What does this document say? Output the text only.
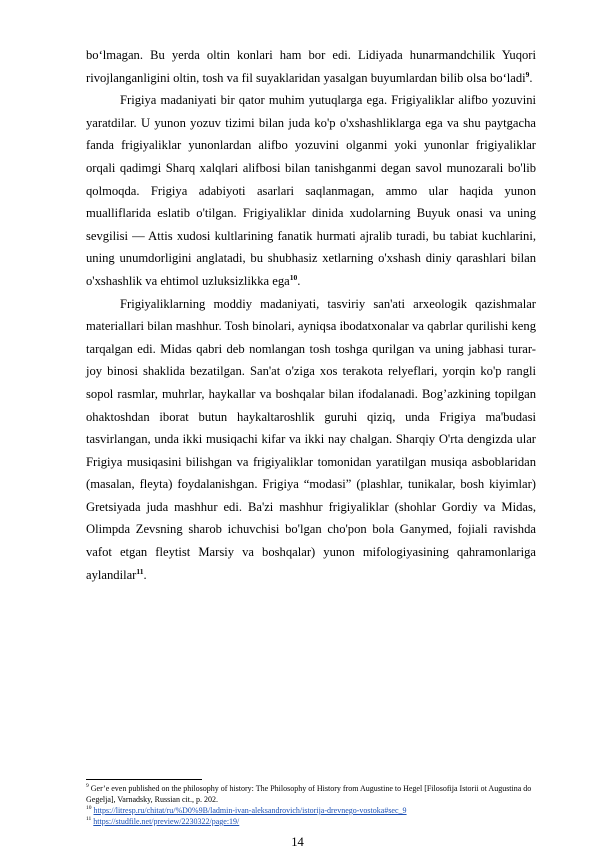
bo‘lmagan. Bu yerda oltin konlari ham bor edi. Lidiyada hunarmandchilik Yuqori rivojlanganligini oltin, tosh va fil suyaklaridan yasalgan buyumlardan bilib olsa bo‘ladi$^9$.

Frigiya madaniyati bir qator muhim yutuqlarga ega. Frigiyaliklar alifbo yozuvini yaratdilar. U yunon yozuv tizimi bilan juda ko'p o'xshashliklarga ega va shu paytgacha fanda frigiyaliklar yunonlardan alifbo yozuvini olganmi yoki yunonlar frigiyaliklar orqali qadimgi Sharq xalqlari alifbosi bilan tanishganmi degan savol munozarali bo'lib qolmoqda. Frigiya adabiyoti asarlari saqlanmagan, ammo ular haqida yunon mualliflarida eslatib o'tilgan. Frigiyaliklar dinida xudolarning Buyuk onasi va uning sevgilisi — Attis xudosi kultlarining fanatik hurmati ajralib turadi, bu tabiat kuchlarini, uning unumdorligini anglatadi, bu shubhasiz xetlarning o'xshash diniy qarashlari bilan o'xshashlik va ehtimol uzluksizlikka ega$^{10}$.

Frigiyaliklarning moddiy madaniyati, tasviriy san'ati arxeologik qazishmalar materiallari bilan mashhur. Tosh binolari, ayniqsa ibodatxonalar va qabrlar qurilishi keng tarqalgan edi. Midas qabri deb nomlangan tosh toshga qurilgan va uning jabhasi turar-joy binosi shaklida bezatilgan. San'at o'ziga xos terakota relyeflari, yorqin ko'p rangli sopol rasmlar, muhrlar, haykallar va boshqalar bilan ifodalanadi. Bog’azkining topilgan ohaktoshdan iborat butun haykaltaroshlik guruhi qiziq, unda Frigiya ma'budasi tasvirlangan, unda ikki musiqachi kifar va ikki nay chalgan. Sharqiy O'rta dengizda ular Frigiya musiqasini bilishgan va frigiyaliklar tomonidan yaratilgan musiqa asboblaridan (masalan, fleyta) foydalanishgan. Frigiya “modasi” (plashlar, tunikalar, bosh kiyimlar) Gretsiyada juda mashhur edi. Ba'zi mashhur frigiyaliklar (shohlar Gordiy va Midas, Olimpda Zevsning sharob ichuvchisi bo'lgan cho'pon bola Ganymed, fojiali ravishda vafot etgan fleytist Marsiy va boshqalar) yunon mifologiyasining qahramonlariga aylandilar$^{11}$.

$^9$ Ger’e even published on the philosophy of history: The Philosophy of History from Augustine to Hegel [Filosofija Istorii ot Augustina do Gegelja], Varnadsky, Russian cit., p. 202.

$^{10}$ https://litresp.ru/chitat/ru/%D0%9B/ladmin-ivan-aleksandrovich/istorija-drevnego-vostoka#sec_9

$^{11}$ https://studfile.net/preview/2230322/page:19/

14
